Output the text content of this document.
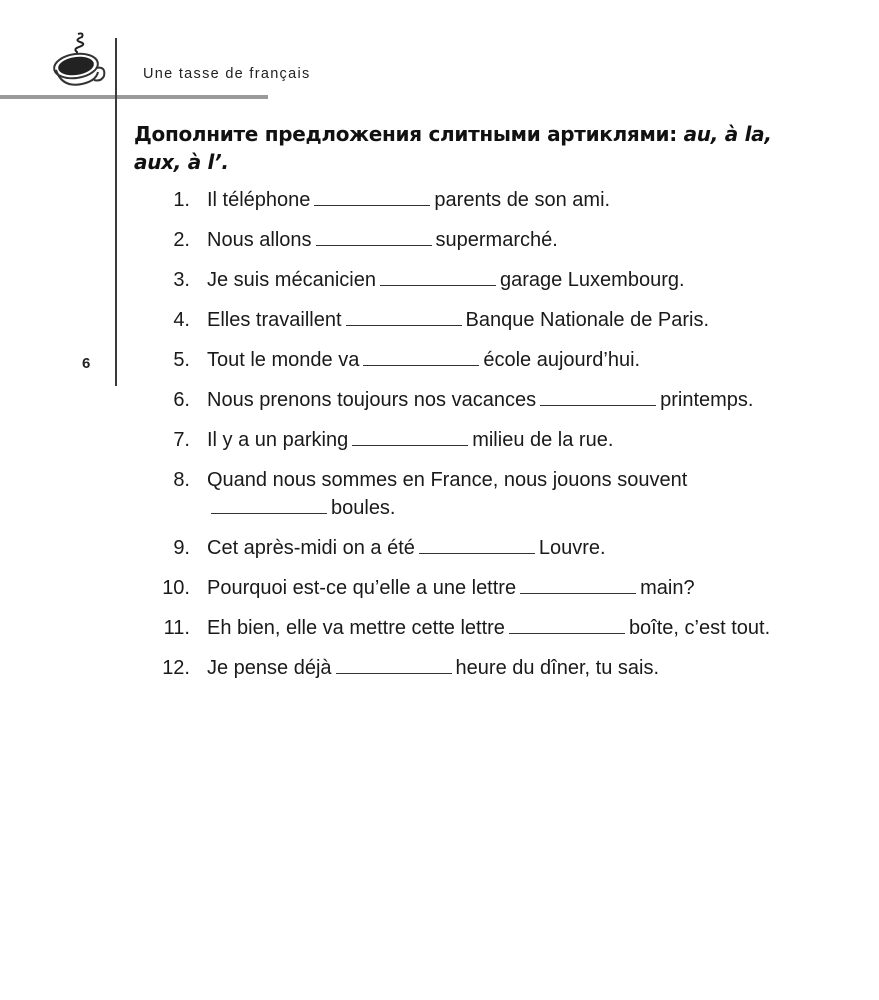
Une tasse de français
6
Дополните предложения слитными артиклями: au, à la, aux, à l’.
1. Il téléphone	parents de son ami.
2. Nous allons	supermarché.
3. Je suis mécanicien	garage Luxembourg.
4. Elles travaillent	Banque Nationale de Paris.
5. Tout le monde va	école aujourd’hui.
6. Nous prenons toujours nos vacances	printemps.
7. Il y a un parking	milieu de la rue.
8. Quand nous sommes en France, nous jouons souventboules.
9. Cet après-midi on a été	Louvre.
10. Pourquoi est-ce qu’elle a une lettre	main?
11. Eh bien, elle va mettre cette lettre	boîte, c’est tout.
12. Je pense déjà	heure du dîner, tu sais.
